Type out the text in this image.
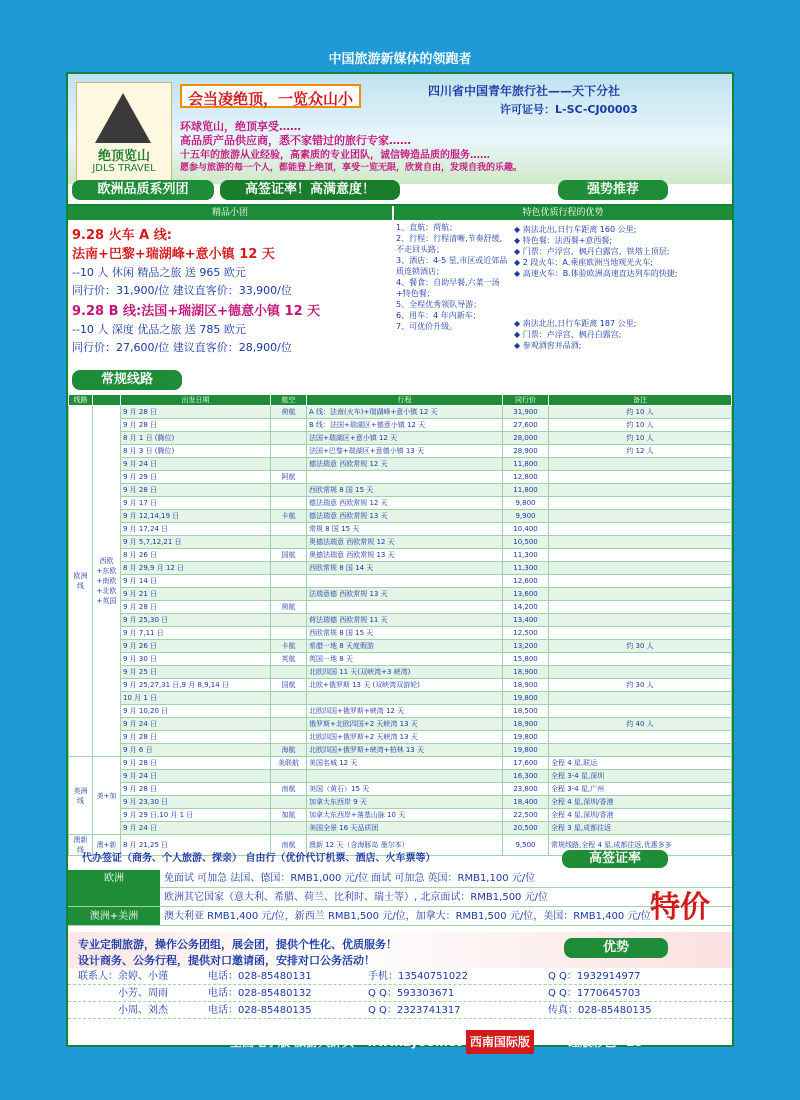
中国旅游新媒体的领跑者
绝顶览山
JDLS TRAVEL
会当凌绝顶，一览众山小	四川省中国青年旅行社——天下分社
许可证号：L-SC-CJ00003
环球览山，绝顶享受……
高品质产品供应商，悉不家错过的旅行专家……
十五年的旅游从业经验，高素质的专业团队，诚信铸造品质的服务……
愿参与旅游的每一个人，都能登上绝顶，享受一览无限，欣赏自由，发现自我的乐趣。
欧洲品质系列团	高签证率！高满意度！	强势推荐
精品小团	特色优质行程的优势
9.28 火车 A 线:
法南+巴黎+瑞湖峰+意小镇 12 天
--10 人 休闲 精品之旅 送 965 欧元
同行价：31,900/位 建议直客价：33,900/位
9.28 B 线:法国+瑞湖区+德意小镇 12 天
--10 人 深度 优品之旅 送 785 欧元
同行价：27,600/位 建议直客价：28,900/位
1、直航：荷航；
2、行程：行程清晰,节奏舒缓,不走回头路；
3、酒店：4-5 星,市区或近郊品质连锁酒店；
4、餐食：自助早餐,六菜一汤+特色餐；
5、全程优秀领队导游；
6、用车：4 年内新车；
7、可优价升级。
◆ 南法北出,日行车距离 160 公里;
◆ 特色餐：法西餐+意西餐;
◆ 门票：卢浮宫、枫丹白露宫、铁塔上顶层;
◆ 2 段火车：A.乘座欧洲当地观光火车;
◆ 高速火车：B.体验欧洲高速直达列车的快捷;
◆ 南法北出,日行车距离 187 公里;
◆ 门票：卢浮宫、枫丹白露宫;
◆ 参观酒窖并品酒;
常规线路
线路		出发日期	航空	行程	同行价	备注
欧洲线	西欧+东欧+南欧+北欧+英国	9 月 28 日	荷航	A 线：法南(火车)+瑞湖峰+意小镇 12 天	31,900	约 10 人
		9 月 28 日		B 线：法国+瑞湖区+德意小镇 12 天	27,600	约 10 人
		8 月 1 日 (腾位)		法国+瑞湖区+意小镇 12 天	28,000	约 10 人
		8 月 3 日 (腾位)		法国+巴黎+瑞湖区+意德小镇 13 天	28,900	约 12 人
		9 月 24 日		德法瑞意 西欧常规 12 天	11,800	
		9 月 29 日	阿航		12,800	
		9 月 28 日		西欧常规 8 国 15 天	11,800	
		9 月 17 日		德法瑞意 西欧常规 12 天	9,800	
		9 月 12,14,19 日	卡航	德法瑞意 西欧常规 13 天	9,900	
		9 月 17,24 日		常规 8 国 15 天	10,400	
		9 月 5,7,12,21 日		奥德法瑞意 西欧常规 12 天	10,500	
		8 月 26 日	国航	奥德法瑞意 西欧常规 13 天	11,300	
		8 月 29,9 月 12 日		西欧常规 8 国 14 天	11,300	
		9 月 14 日			12,600	
		9 月 21 日		法瑞意德 西欧常规 13 天	13,600	
		9 月 28 日	荷航		14,200	
		9 月 25,30 日		荷法瑞德 西欧常规 11 天	13,400	
		9 月 7,11 日		西欧常规 8 国 15 天	12,500	
		9 月 26 日	卡航	希腊一地 8 天度假游	13,200	约 30 人
		9 月 30 日	英航	英国一地 8 天	15,800	
		9 月 25 日		北欧四国 11 天(双峡湾+3 峡湾)	18,900	
		9 月 25,27,31 日,9 月 8,9,14 日	国航	北欧+俄罗斯 13 天 (双峡湾双游轮)	18,900	约 30 人
		10 月 1 日			19,800	
		9 月 10,20 日		北欧四国+俄罗斯+峡湾 12 天	18,500	
		9 月 24 日		俄罗斯+北欧四国+2 天峡湾 13 天	18,900	约 40 人
		9 月 28 日		北欧四国+俄罗斯+2 天峡湾 13 天	19,800	
		9 月 6 日	海航	北欧四国+俄罗斯+峡湾+柏林 13 天	19,800	
美洲线	美+加	9 月 28 日	美联航	美国名城 12 天	17,600	全程 4 星,联运
		9 月 24 日			16,300	全程 3-4 星,深圳
		9 月 28 日	南航	美国（黄石）15 天	23,800	全程 3-4 星,广州
		9 月 23,30 日		加拿大东西岸 9 天	18,400	全程 4 星,深圳/香港
		9 月 29 日,10 月 1 日	加航	加拿大东西岸+落基山脉 10 天	22,500	全程 4 星,深圳/香港
		9 月 24 日		美国全景 16 天品质团	20,500	全程 3 星,成都往返
澳新线	澳+新	8 月 21,25 日	南航	澳新 12 天（含海豚岛 墨尔本）	9,500	常规线路,全程 4 星,成都往返,优惠多多
代办签证（商务、个人旅游、探亲） 自由行（优价代订机票、酒店、火车票等）	高签证率
欧洲	免面试 可加急 法国、德国：RMB1,000 元/位 面试 可加急 英国：RMB1,100 元/位
欧洲其它国家（意大利、希腊、荷兰、比利时、瑞士等）, 北京面试：RMB1,500 元/位
澳洲+美洲	澳大利亚 RMB1,400 元/位，新西兰 RMB1,500 元/位，加拿大：RMB1,500 元/位，美国：RMB1,400 元/位 特价
专业定制旅游，操作公务团组，展会团，提供个性化、优质服务！
设计商务、公务行程，提供对口邀请函，安排对口公务活动！
优势
联系人：余婷、小谨	电话：028-85480131	手机：13540751022	Q Q：1932914977
小芳、周雨	电话：028-85480132	Q Q：593303671	Q Q：1770645703
小周、刘杰	电话：028-85480135	Q Q：2323741317	传真：028-85480135
全国电子版 旅游大辞典 www.zyoo.net 西南国际版	红版彩色 25
